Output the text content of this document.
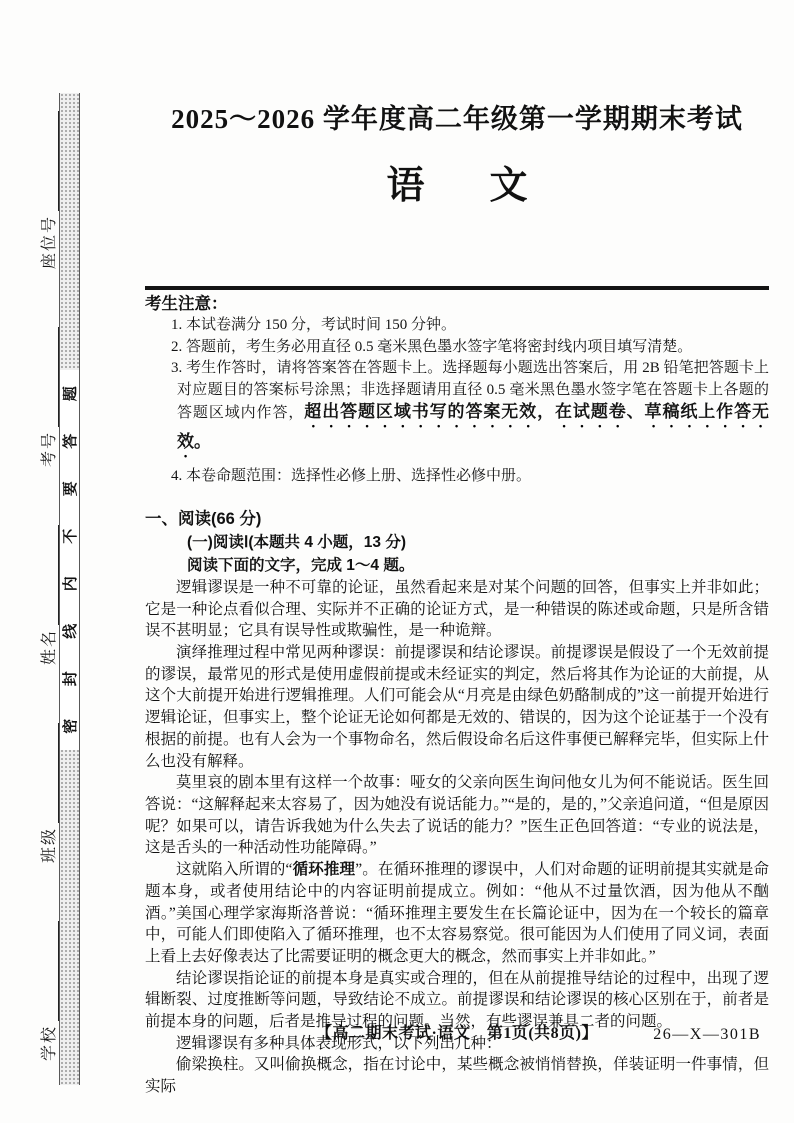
学校
班级
姓名
考号
座位号
密
封
线
内
不
要
答
题
2025～2026 学年度高二年级第一学期期末考试
语文
考生注意：
1. 本试卷满分 150 分，考试时间 150 分钟。
2. 答题前，考生务必用直径 0.5 毫米黑色墨水签字笔将密封线内项目填写清楚。
3. 考生作答时，请将答案答在答题卡上。选择题每小题选出答案后，用 2B 铅笔把答题卡上对应题目的答案标号涂黑；非选择题请用直径 0.5 毫米黑色墨水签字笔在答题卡上各题的答题区域内作答，超出答题区域书写的答案无效，在试题卷、草稿纸上作答无效。
4. 本卷命题范围：选择性必修上册、选择性必修中册。
一、阅读(66 分)
(一)阅读Ⅰ(本题共 4 小题，13 分)
阅读下面的文字，完成 1～4 题。

逻辑谬误是一种不可靠的论证，虽然看起来是对某个问题的回答，但事实上并非如此；它是一种论点看似合理、实际并不正确的论证方式，是一种错误的陈述或命题，只是所含错误不甚明显；它具有误导性或欺骗性，是一种诡辩。

演绎推理过程中常见两种谬误：前提谬误和结论谬误。前提谬误是假设了一个无效前提的谬误，最常见的形式是使用虚假前提或未经证实的判定，然后将其作为论证的大前提，从这个大前提开始进行逻辑推理。人们可能会从“月亮是由绿色奶酪制成的”这一前提开始进行逻辑论证，但事实上，整个论证无论如何都是无效的、错误的，因为这个论证基于一个没有根据的前提。也有人会为一个事物命名，然后假设命名后这件事便已解释完毕，但实际上什么也没有解释。

莫里哀的剧本里有这样一个故事：哑女的父亲向医生询问他女儿为何不能说话。医生回答说：“这解释起来太容易了，因为她没有说话能力。”“是的，是的，”父亲追问道，“但是原因呢？如果可以，请告诉我她为什么失去了说话的能力？”医生正色回答道：“专业的说法是，这是舌头的一种活动性功能障碍。”

这就陷入所谓的“循环推理”。在循环推理的谬误中，人们对命题的证明前提其实就是命题本身，或者使用结论中的内容证明前提成立。例如：“他从不过量饮酒，因为他从不酗酒。”美国心理学家海斯洛普说：“循环推理主要发生在长篇论证中，因为在一个较长的篇章中，可能人们即使陷入了循环推理，也不太容易察觉。很可能因为人们使用了同义词，表面上看上去好像表达了比需要证明的概念更大的概念，然而事实上并非如此。”

结论谬误指论证的前提本身是真实或合理的，但在从前提推导结论的过程中，出现了逻辑断裂、过度推断等问题，导致结论不成立。前提谬误和结论谬误的核心区别在于，前者是前提本身的问题，后者是推导过程的问题。当然，有些谬误兼具二者的问题。

逻辑谬误有多种具体表现形式，以下列出几种：

偷梁换柱。又叫偷换概念，指在讨论中，某些概念被悄悄替换，佯装证明一件事情，但实际

【高二期末考试·语文　第1页(共8页)】	26—X—301B
